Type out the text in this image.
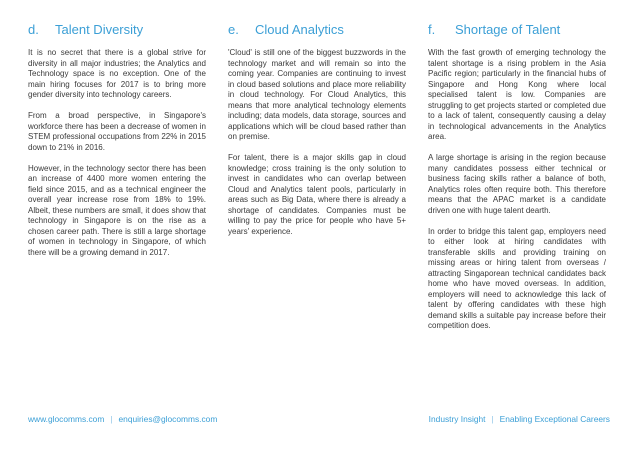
d. Talent Diversity

It is no secret that there is a global strive for diversity in all major industries; the Analytics and Technology space is no exception. One of the main hiring focuses for 2017 is to bring more gender diversity into technology careers.

From a broad perspective, in Singapore's workforce there has been a decrease of women in STEM professional occupations from 22% in 2015 down to 21% in 2016.

However, in the technology sector there has been an increase of 4400 more women entering the field since 2015, and as a technical engineer the overall year increase rose from 18% to 19%. Albeit, these numbers are small, it does show that technology in Singapore is on the rise as a chosen career path. There is still a large shortage of women in technology in Singapore, of which there will be a growing demand in 2017.

e. Cloud Analytics

'Cloud' is still one of the biggest buzzwords in the technology market and will remain so into the coming year. Companies are continuing to invest in cloud based solutions and place more reliability in cloud technology. For Cloud Analytics, this means that more analytical technology elements including; data models, data storage, sources and applications which will be cloud based rather than on premise.

For talent, there is a major skills gap in cloud knowledge; cross training is the only solution to invest in candidates who can overlap between Cloud and Analytics talent pools, particularly in areas such as Big Data, where there is already a shortage of candidates. Companies must be willing to pay the price for people who have 5+ years' experience.

f. Shortage of Talent

With the fast growth of emerging technology the talent shortage is a rising problem in the Asia Pacific region; particularly in the financial hubs of Singapore and Hong Kong where local specialised talent is low. Companies are struggling to get projects started or completed due to a lack of talent, consequently causing a delay in technological advancements in the Analytics area.

A large shortage is arising in the region because many candidates possess either technical or business facing skills rather a balance of both, Analytics roles often require both. This therefore means that the APAC market is a candidate driven one with huge talent dearth.

In order to bridge this talent gap, employers need to either look at hiring candidates with transferable skills and providing training on missing areas or hiring talent from overseas / attracting Singaporean technical candidates back home who have moved overseas. In addition, employers will need to acknowledge this lack of talent by offering candidates with these high demand skills a suitable pay increase before their competition does.

www.glocomms.com | enquiries@glocomms.com	Industry Insight | Enabling Exceptional Careers
